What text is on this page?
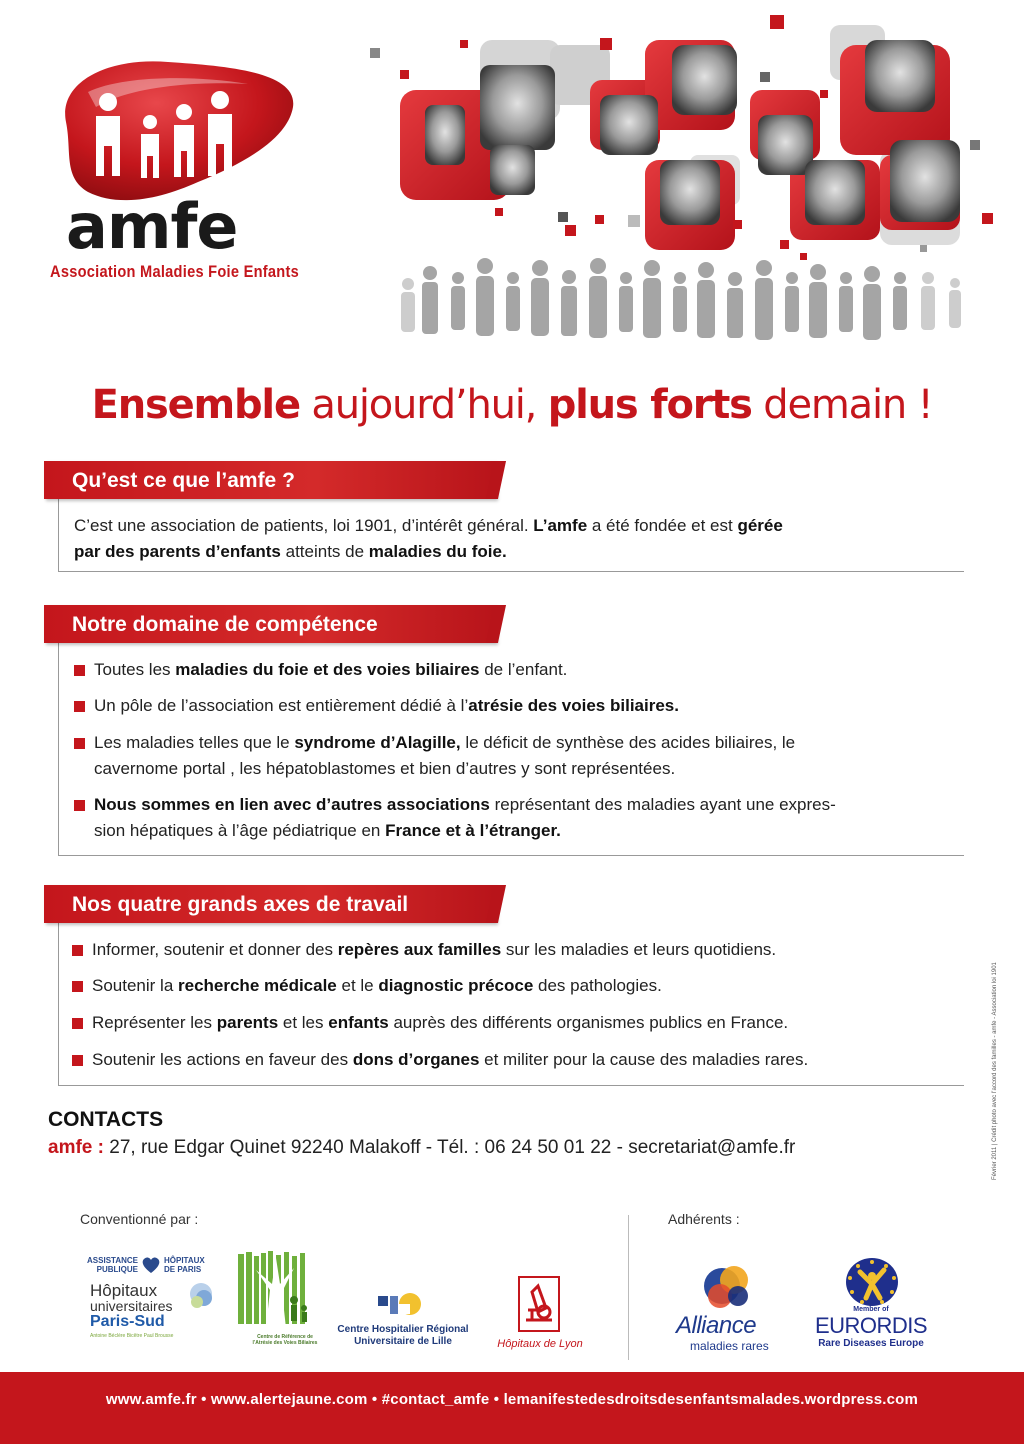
amfe
Association Maladies Foie Enfants
Ensemble aujourd’hui, plus forts demain !
Qu’est ce que l’amfe ?
C’est une association de patients, loi 1901, d’intérêt général. L’amfe a été fondée et est gérée
par des parents d’enfants atteints de maladies du foie.
Notre domaine de compétence
Toutes les maladies du foie et des voies biliaires de l’enfant.
Un pôle de l’association est entièrement dédié à l’atrésie des voies biliaires.
Les maladies telles que le syndrome d’Alagille, le déficit de synthèse des acides biliaires, le
cavernome portal , les hépatoblastomes et bien d’autres y sont représentées.
Nous sommes en lien avec d’autres associations représentant des maladies ayant une expres-
sion hépatiques à l’âge pédiatrique en France et à l’étranger.
Nos quatre grands axes de travail
Informer, soutenir et donner des repères aux familles sur les maladies et leurs quotidiens.
Soutenir la recherche médicale et le diagnostic précoce des pathologies.
Représenter les parents et les enfants auprès des différents organismes publics en France.
Soutenir les actions en faveur des dons d’organes et militer pour la cause des maladies rares.
CONTACTS
amfe : 27, rue Edgar Quinet 92240 Malakoff - Tél. : 06 24 50 01 22 - secretariat@amfe.fr
Conventionné par :	Adhérents :
ASSISTANCE
PUBLIQUE
HÔPITAUX
DE PARIS
Hôpitaux
universitaires
Paris-Sud
Antoine Béclère Bicêtre Paul Brousse	Centre de Référence de
l’Atrésie des Voies Biliaires
Centre Hospitalier Régional
Universitaire de Lille	Hôpitaux de Lyon
Alliance
maladies rares
Member of
EURORDIS
Rare Diseases Europe
Février 2011 | Crédit photo avec l’accord des familles - amfe - Association loi 1901
www.amfe.fr • www.alertejaune.com • #contact_amfe • lemanifestedesdroitsdesenfantsmalades.wordpress.com
